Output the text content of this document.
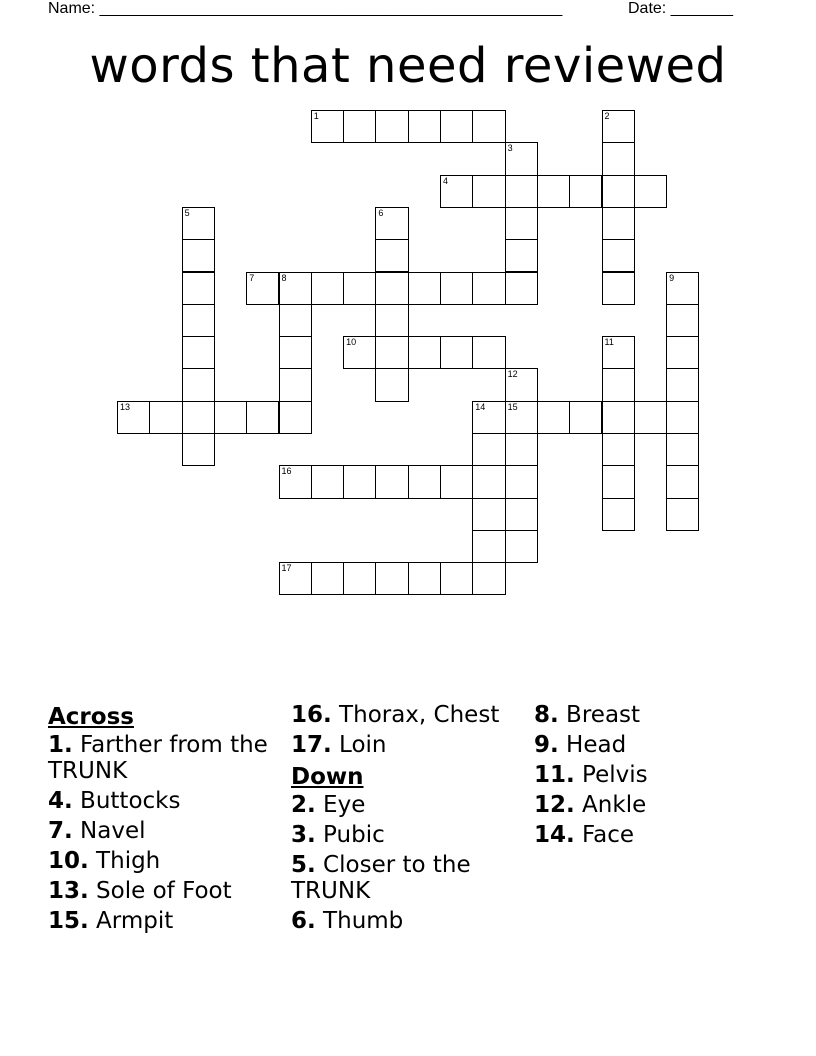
Name: ____________________________________________________	Date: _______
words that need reviewed
1	2
3
4
5	6
7	8	9
10	11
12
15
13	14
16
17
Across
1. Farther from the TRUNK
4. Buttocks
7. Navel
10. Thigh
13. Sole of Foot
15. Armpit
16. Thorax, Chest
17. Loin
Down
2. Eye
3. Pubic
5. Closer to the TRUNK
6. Thumb
8. Breast
9. Head
11. Pelvis
12. Ankle
14. Face
